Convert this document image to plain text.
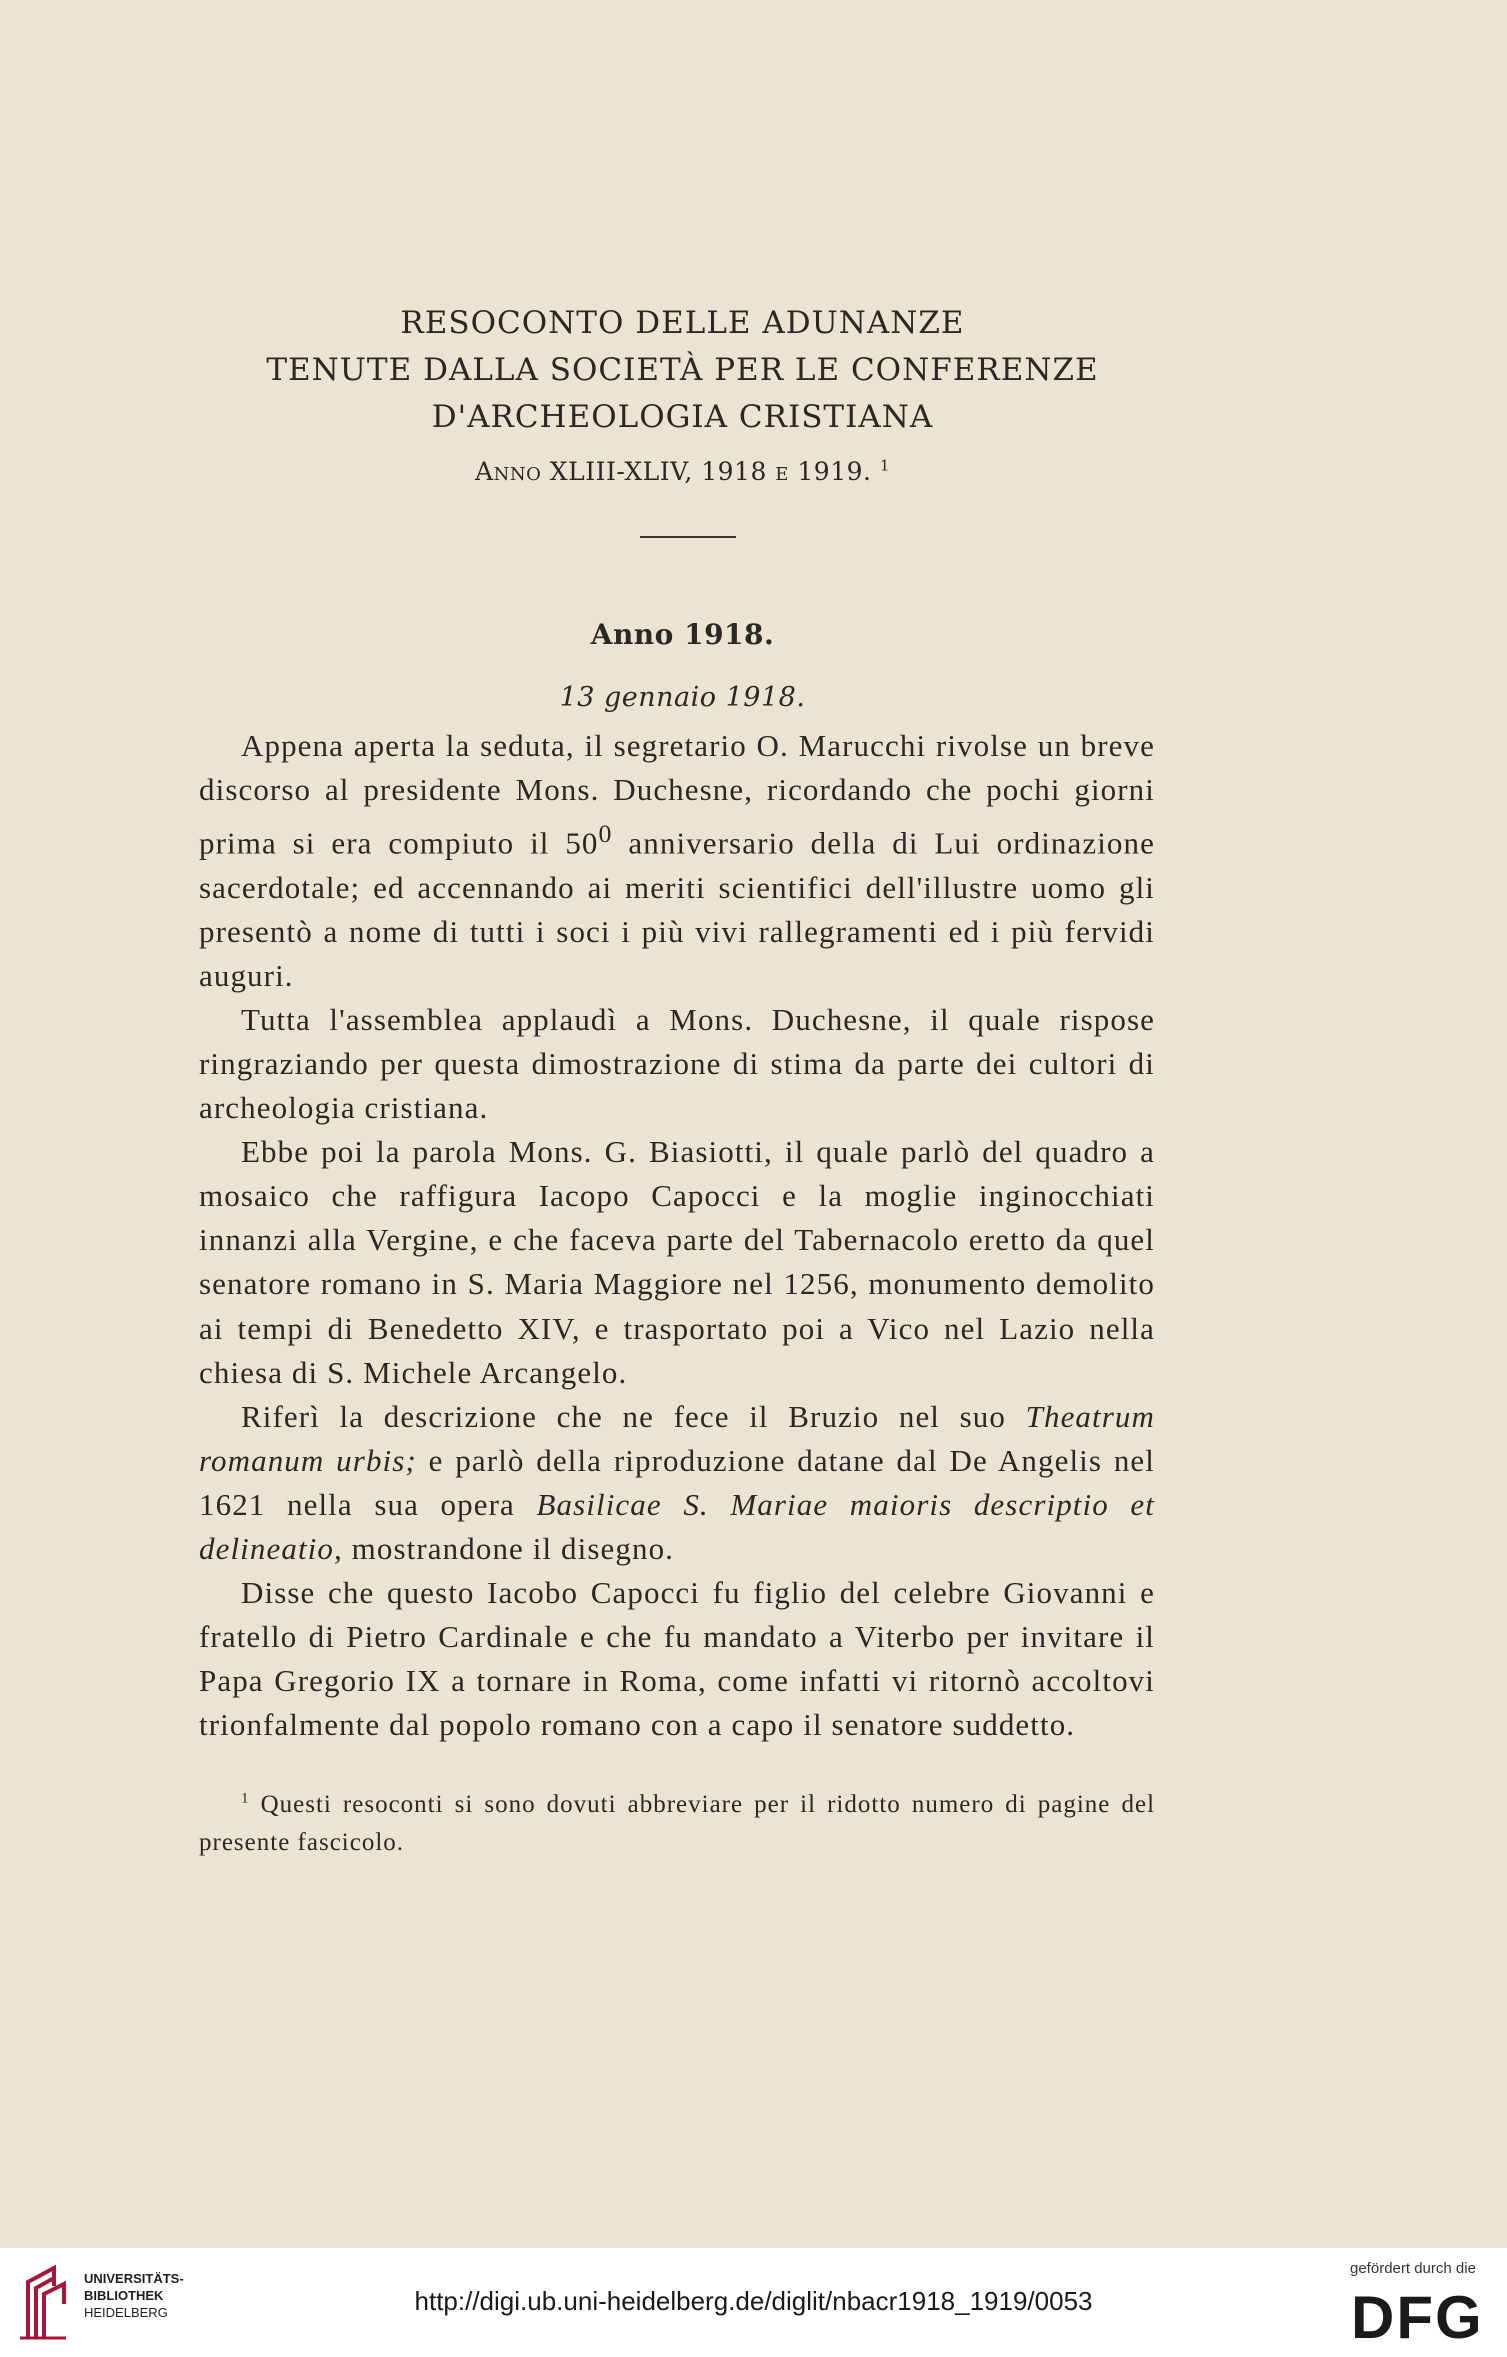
RESOCONTO DELLE ADUNANZE
TENUTE DALLA SOCIETÀ PER LE CONFERENZE
D'ARCHEOLOGIA CRISTIANA
Anno XLIII-XLIV, 1918 e 1919. $^1$
Anno 1918.
13 gennaio 1918.

Appena aperta la seduta, il segretario O. Marucchi rivolse un breve discorso al presidente Mons. Duchesne, ricordando che pochi giorni prima si era compiuto il $50^0$ anniversario della di Lui ordinazione sacerdotale; ed accennando ai meriti scientifici dell'illustre uomo gli presentò a nome di tutti i soci i più vivi rallegramenti ed i più fervidi auguri.

Tutta l'assemblea applaudì a Mons. Duchesne, il quale rispose ringraziando per questa dimostrazione di stima da parte dei cultori di archeologia cristiana.

Ebbe poi la parola Mons. G. Biasiotti, il quale parlò del quadro a mosaico che raffigura Iacopo Capocci e la moglie inginocchiati innanzi alla Vergine, e che faceva parte del Tabernacolo eretto da quel senatore romano in S. Maria Maggiore nel 1256, monumento demolito ai tempi di Benedetto XIV, e trasportato poi a Vico nel Lazio nella chiesa di S. Michele Arcangelo.

Riferì la descrizione che ne fece il Bruzio nel suo Theatrum romanum urbis; e parlò della riproduzione datane dal De Angelis nel 1621 nella sua opera Basilicae S. Mariae maioris descriptio et delineatio, mostrandone il disegno.

Disse che questo Iacobo Capocci fu figlio del celebre Giovanni e fratello di Pietro Cardinale e che fu mandato a Viterbo per invitare il Papa Gregorio IX a tornare in Roma, come infatti vi ritornò accoltovi trionfalmente dal popolo romano con a capo il senatore suddetto.

$^1$ Questi resoconti si sono dovuti abbreviare per il ridotto numero di pagine del presente fascicolo.

UNIVERSITÄTS-
BIBLIOTHEK
HEIDELBERG	http://digi.ub.uni-heidelberg.de/diglit/nbacr1918_1919/0053
gefördert durch die
DFG
